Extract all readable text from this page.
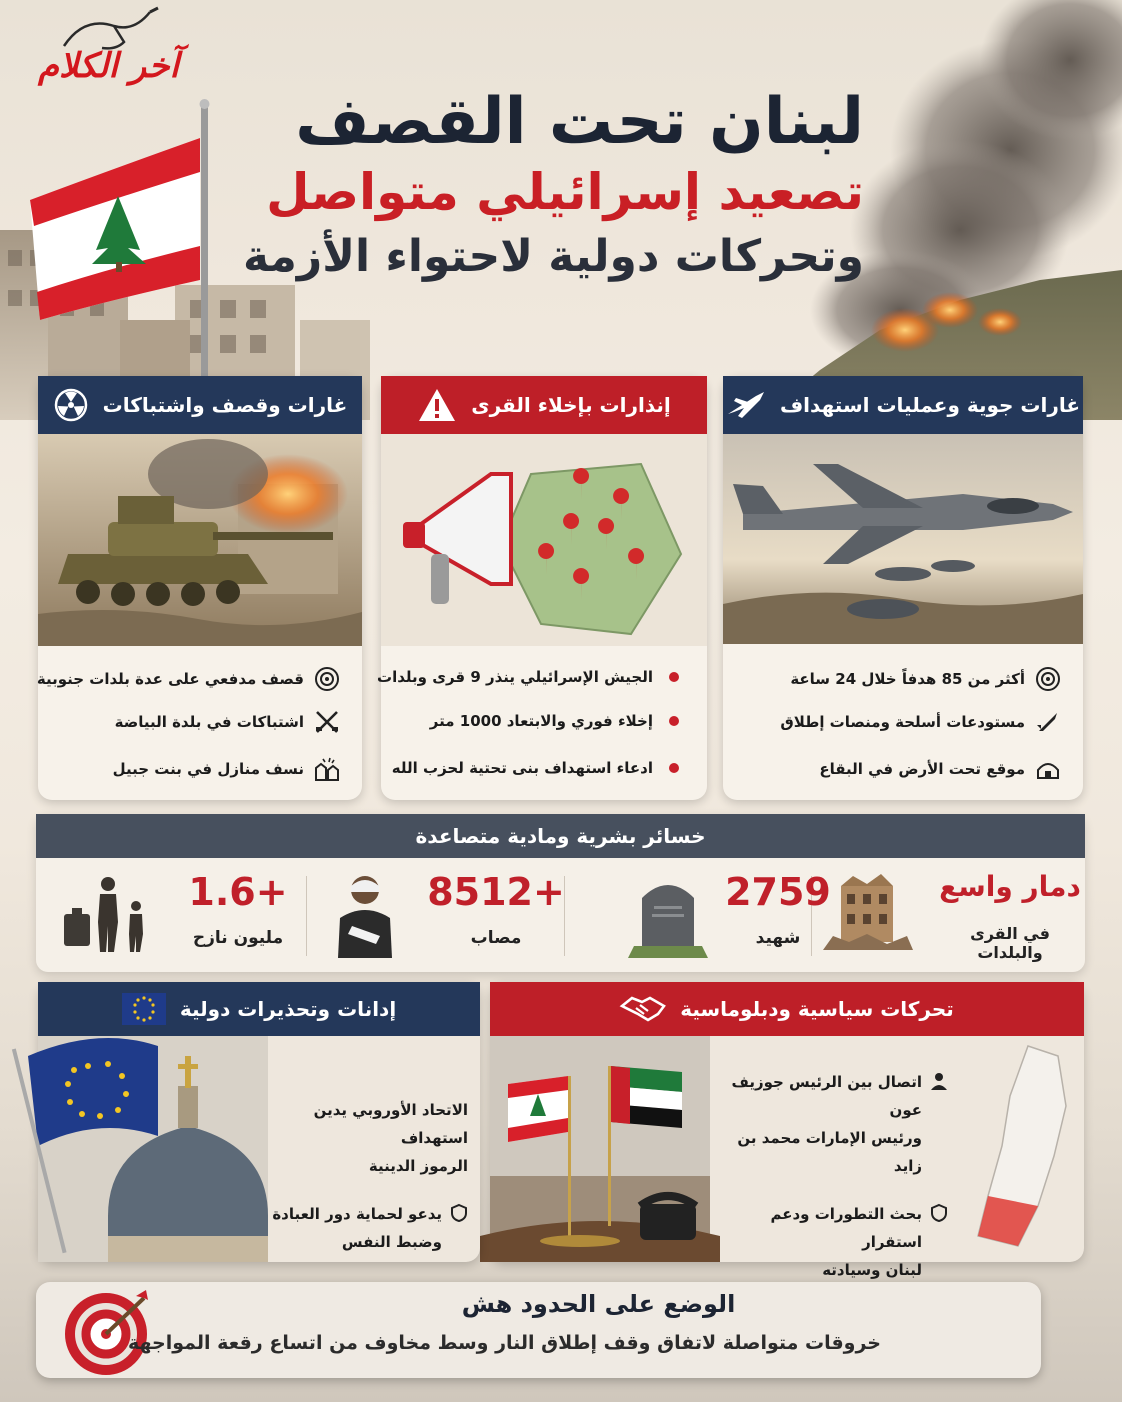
آخر الكلام
لبنان تحت القصف
تصعيد إسرائيلي متواصل
وتحركات دولية لاحتواء الأزمة
غارات جوية وعمليات استهداف
أكثر من 85 هدفاً خلال 24 ساعة
مستودعات أسلحة ومنصات إطلاق
موقع تحت الأرض في البقاع
إنذارات بإخلاء القرى
الجيش الإسرائيلي ينذر 9 قرى وبلدات
إخلاء فوري والابتعاد 1000 متر
ادعاء استهداف بنى تحتية لحزب الله
غارات وقصف واشتباكات
قصف مدفعي على عدة بلدات جنوبية
اشتباكات في بلدة البياضة
نسف منازل في بنت جبيل
خسائر بشرية ومادية متصاعدة
دمار واسع
في القرى والبلدات
2759
شهيد
8512+
مصاب
1.6+
مليون نازح
تحركات سياسية ودبلوماسية
اتصال بين الرئيس جوزيف عون
ورئيس الإمارات محمد بن زايد
بحث التطورات ودعم استقرار
لبنان وسيادته
إدانات وتحذيرات دولية

الاتحاد الأوروبي يدين استهداف
الرموز الدينية

يدعو لحماية دور العبادة
وضبط النفس
الوضع على الحدود هش
خروقات متواصلة لاتفاق وقف إطلاق النار وسط مخاوف من اتساع رقعة المواجهة
